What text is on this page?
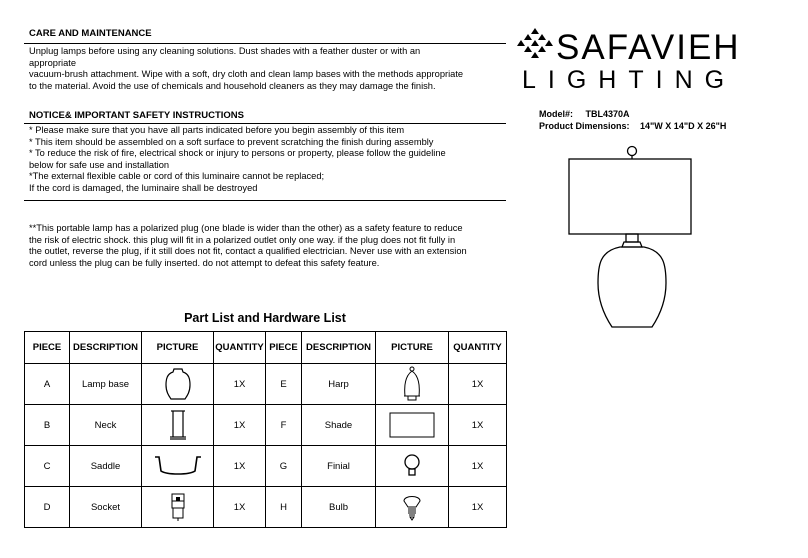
CARE AND MAINTENANCE
Unplug lamps before using any cleaning solutions. Dust shades with a feather duster or with an
appropriate
vacuum-brush attachment. Wipe with a soft, dry cloth and clean lamp bases with the methods appropriate
to the material. Avoid the use of chemicals and household cleaners as they may damage the finish.
NOTICE& IMPORTANT SAFETY INSTRUCTIONS
* Please make sure that you have all parts indicated before you begin assembly of this item
* This item should be assembled on a soft surface to prevent scratching the finish during assembly
* To reduce the risk of fire, electrical shock or injury to persons or property, please follow the guideline
below for safe use and installation
*The external flexible cable or cord of this luminaire cannot be replaced;
If the cord is damaged, the luminaire shall be destroyed
**This portable lamp has a polarized plug (one blade is wider than the other) as a safety feature to reduce
the risk of electric shock. this plug will fit in a polarized outlet only one way. if the plug does not fit fully in
the outlet, reverse the plug, if it still does not fit, contact a qualified electrician. Never use with an extension
cord unless the plug can be fully inserted. do not attempt to defeat this safety feature.
SAFAVIEH
LIGHTING
Model#: TBL4370A
Product Dimensions: 14"W X 14"D X 26"H
Part List and Hardware List
PIECE	DESCRIPTION	PICTURE	QUANTITY	PIECE	DESCRIPTION	PICTURE	QUANTITY
A	Lamp base		1X	E	Harp		1X
B	Neck		1X	F	Shade		1X
C	Saddle		1X	G	Finial		1X
D	Socket		1X	H	Bulb		1X
